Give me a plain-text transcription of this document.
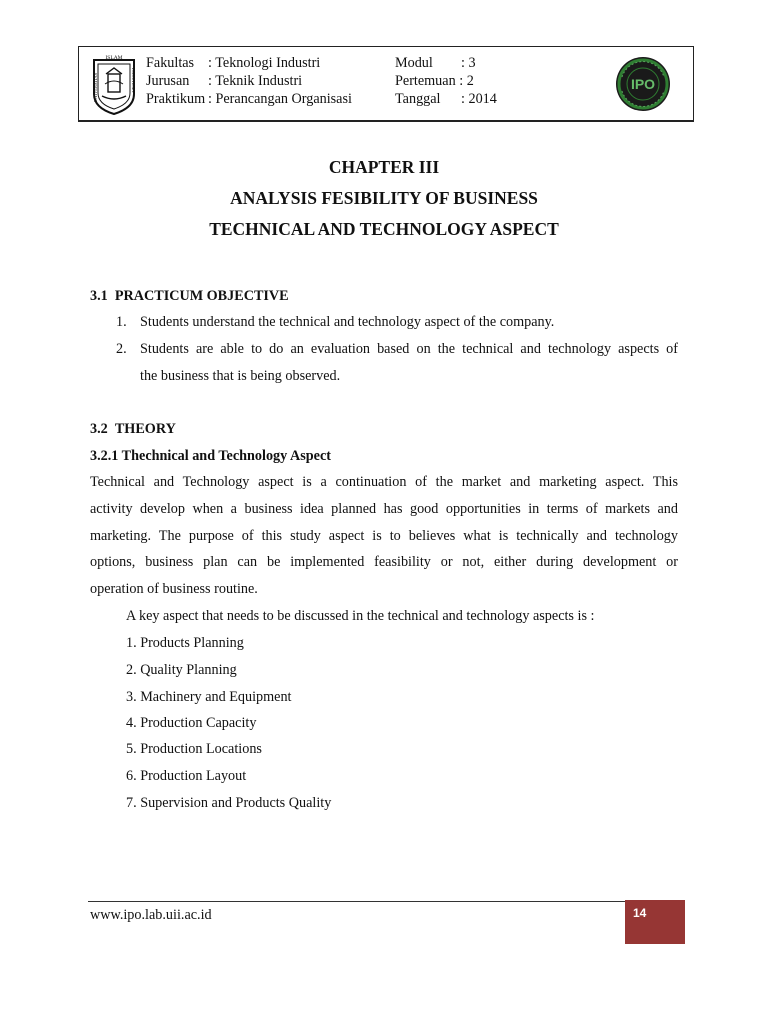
ISLAM
UNIVERSITAS	INDONESIA
Fakultas : Teknologi Industri
Jurusan : Teknik Industri
Praktikum : Perancangan Organisasi
Modul : 3
Pertemuan : 2
Tanggal : 2014
IPO
CHAPTER III
ANALYSIS FESIBILITY OF BUSINESS
TECHNICAL AND TECHNOLOGY ASPECT
3.1 PRACTICUM OBJECTIVE
1. Students understand the technical and technology aspect of the company.
2. Students are able to do an evaluation based on the technical and technology aspects of
the business that is being observed.
3.2 THEORY
3.2.1 Thechnical and Technology Aspect
Technical and Technology aspect is a continuation of the market and marketing aspect. This
activity develop when a business idea planned has good opportunities in terms of markets and
marketing. The purpose of this study aspect is to believes what is technically and technology
options, business plan can be implemented feasibility or not, either during development or
operation of business routine.
A key aspect that needs to be discussed in the technical and technology aspects is :
1. Products Planning
2. Quality Planning
3. Machinery and Equipment
4. Production Capacity
5. Production Locations
6. Production Layout
7. Supervision and Products Quality
www.ipo.lab.uii.ac.id	14
